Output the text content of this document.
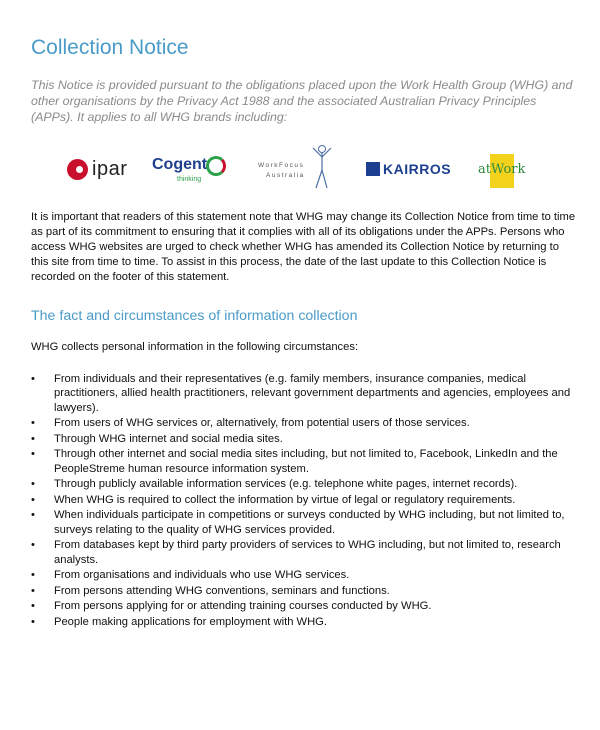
Collection Notice

This Notice is provided pursuant to the obligations placed upon the Work Health Group (WHG) and other organisations by the Privacy Act 1988 and the associated Australian Privacy Principles (APPs). It applies to all WHG brands including:

ipar Cogent
thinking
WorkFocus
Australia	KAIRROS atWork

It is important that readers of this statement note that WHG may change its Collection Notice from time to time as part of its commitment to ensuring that it complies with all of its obligations under the APPs. Persons who access WHG websites are urged to check whether WHG has amended its Collection Notice by returning to this site from time to time. To assist in this process, the date of the last update to this Collection Notice is recorded on the footer of this statement.

The fact and circumstances of information collection

WHG collects personal information in the following circumstances:

• From individuals and their representatives (e.g. family members, insurance companies, medical practitioners, allied health practitioners, relevant government departments and agencies, employees and lawyers).
• From users of WHG services or, alternatively, from potential users of those services.
• Through WHG internet and social media sites.
• Through other internet and social media sites including, but not limited to, Facebook, LinkedIn and the PeopleStreme human resource information system.
• Through publicly available information services (e.g. telephone white pages, internet records).
• When WHG is required to collect the information by virtue of legal or regulatory requirements.
• When individuals participate in competitions or surveys conducted by WHG including, but not limited to, surveys relating to the quality of WHG services provided.
• From databases kept by third party providers of services to WHG including, but not limited to, research analysts.
• From organisations and individuals who use WHG services.
• From persons attending WHG conventions, seminars and functions.
• From persons applying for or attending training courses conducted by WHG.
• People making applications for employment with WHG.
